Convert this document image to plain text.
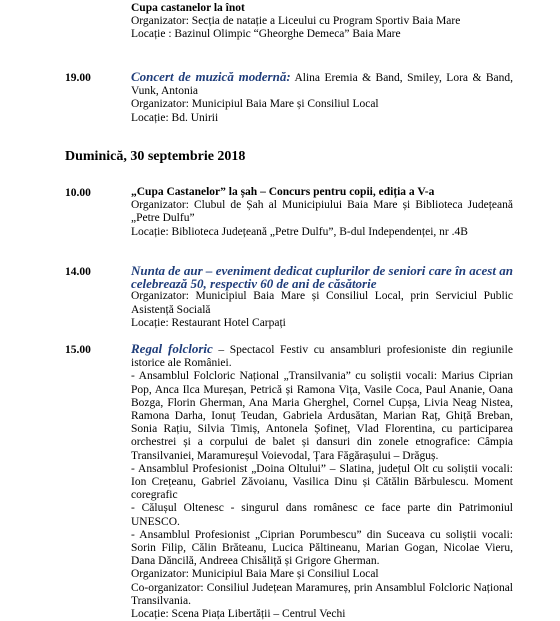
Cupa castanelor la înot

Organizator: Secția de natație a Liceului cu Program Sportiv Baia Mare

Locație : Bazinul Olimpic “Gheorghe Demeca” Baia Mare

19.00	Concert de muzică modernă: Alina Eremia & Band, Smiley, Lora & Band, Vunk, Antonia

Organizator: Municipiul Baia Mare și Consiliul Local

Locație: Bd. Unirii

Duminică, 30 septembrie 2018
10.00	„Cupa Castanelor” la șah – Concurs pentru copii, ediția a V-a

Organizator: Clubul de Șah al Municipiului Baia Mare și Biblioteca Județeană „Petre Dulfu”

Locație: Biblioteca Județeană „Petre Dulfu”, B-dul Independenței, nr .4B

14.00	Nunta de aur – eveniment dedicat cuplurilor de seniori care în acest an celebrează 50, respectiv 60 de ani de căsătorie

Organizator: Municipiul Baia Mare și Consiliul Local, prin Serviciul Public Asistență Socială

Locație: Restaurant Hotel Carpați

15.00	Regal folcloric – Spectacol Festiv cu ansambluri profesioniste din regiunile istorice ale României.

- Ansamblul Folcloric Național „Transilvania” cu soliștii vocali: Marius Ciprian Pop, Anca Ilca Mureșan, Petrică și Ramona Vița, Vasile Coca, Paul Ananie, Oana Bozga, Florin Gherman, Ana Maria Gherghel, Cornel Cupșa, Livia Neag Nistea, Ramona Darha, Ionuț Teudan, Gabriela Ardusătan, Marian Raț, Ghiță Breban, Sonia Rațiu, Silvia Timiș, Antonela Șofineț, Vlad Florentina, cu participarea orchestrei și a corpului de balet și dansuri din zonele etnografice: Câmpia Transilvaniei, Maramureșul Voievodal, Țara Făgărașului – Drăguș.

- Ansamblul Profesionist „Doina Oltului” – Slatina, județul Olt cu soliștii vocali: Ion Crețeanu, Gabriel Zăvoianu, Vasilica Dinu și Cătălin Bărbulescu. Moment coregrafic

- Călușul Oltenesc - singurul dans românesc ce face parte din Patrimoniul UNESCO.

- Ansamblul Profesionist „Ciprian Porumbescu” din Suceava cu soliștii vocali: Sorin Filip, Călin Brăteanu, Lucica Păltineanu, Marian Gogan, Nicolae Vieru, Dana Dăncilă, Andreea Chisăliță și Grigore Gherman.

Organizator: Municipiul Baia Mare și Consiliul Local

Co-organizator: Consiliul Județean Maramureș, prin Ansamblul Folcloric Național Transilvania.

Locație: Scena Piața Libertății – Centrul Vechi
